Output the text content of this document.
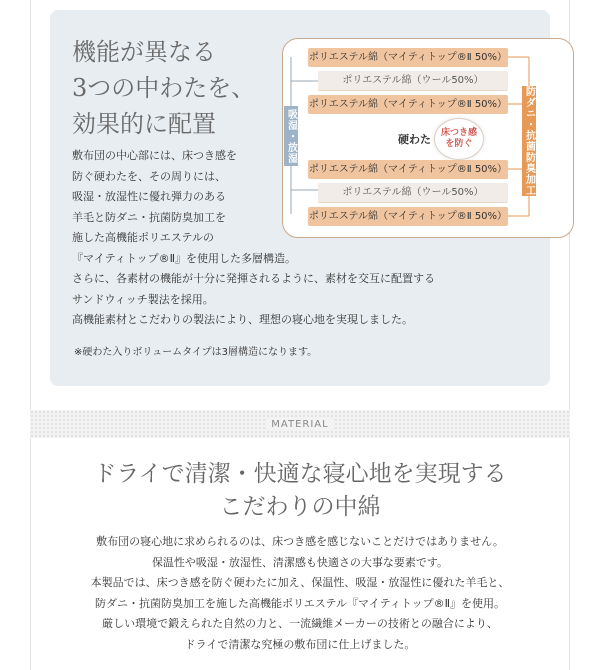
機能が異なる
3つの中わたを、
効果的に配置

敷布団の中心部には、床つき感を
防ぐ硬わたを、その周りには、
吸湿・放湿性に優れ弾力のある
羊毛と防ダニ・抗菌防臭加工を
施した高機能ポリエステルの
『マイティトップ®Ⅱ』を使用した多層構造。
さらに、各素材の機能が十分に発揮されるように、素材を交互に配置する
サンドウィッチ製法を採用。
高機能素材とこだわりの製法により、理想の寝心地を実現しました。

※硬わた入りボリュームタイプは3層構造になります。
ポリエステル綿（マイティトップ®Ⅱ 50%）
ポリエステル綿（ウール50%）
ポリエステル綿（マイティトップ®Ⅱ 50%）
硬わた 床つき感
を防ぐ
ポリエステル綿（マイティトップ®Ⅱ 50%）
ポリエステル綿（ウール50%）
ポリエステル綿（マイティトップ®Ⅱ 50%）
吸湿・放湿	防ダニ・抗菌防臭加工
MATERIAL
ドライで清潔・快適な寝心地を実現する
こだわりの中綿

敷布団の寝心地に求められるのは、床つき感を感じないことだけではありません。
保温性や吸湿・放湿性、清潔感も快適さの大事な要素です。
本製品では、床つき感を防ぐ硬わたに加え、保温性、吸湿・放湿性に優れた羊毛と、
防ダニ・抗菌防臭加工を施した高機能ポリエステル『マイティトップ®Ⅱ』を使用。
厳しい環境で鍛えられた自然の力と、一流繊維メーカーの技術との融合により、
ドライで清潔な究極の敷布団に仕上げました。
